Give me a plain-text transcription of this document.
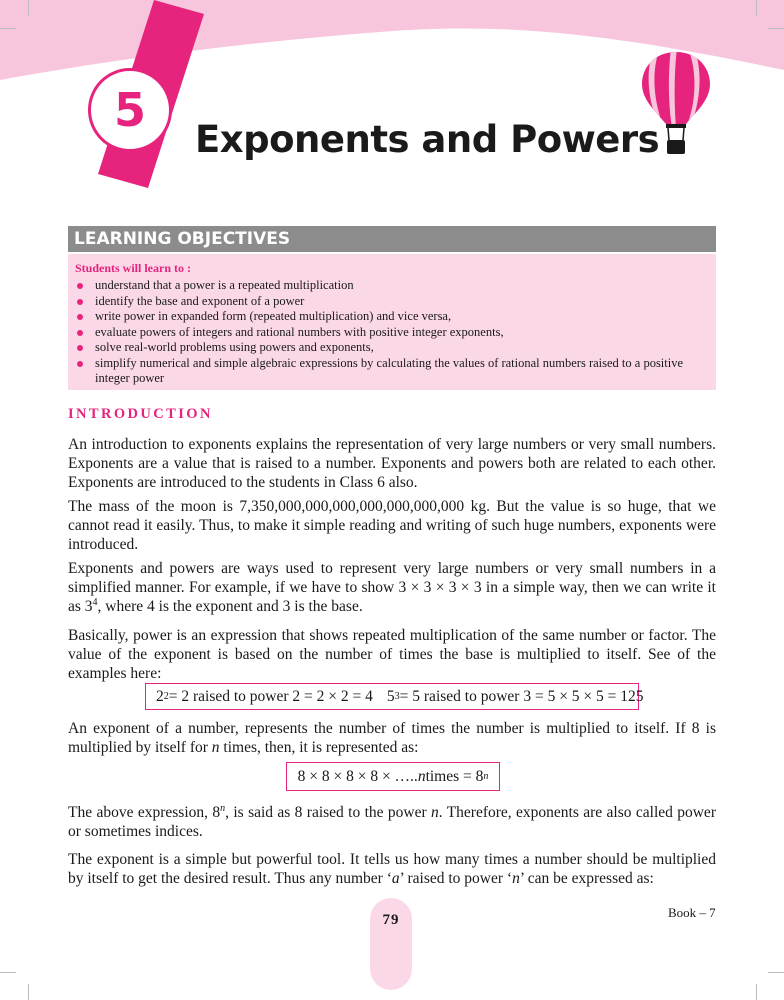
5
Exponents and Powers
LEARNING OBJECTIVES
Students will learn to :
understand that a power is a repeated multiplication
identify the base and exponent of a power
write power in expanded form (repeated multiplication) and vice versa,
evaluate powers of integers and rational numbers with positive integer exponents,
solve real-world problems using powers and exponents,
simplify numerical and simple algebraic expressions by calculating the values of rational numbers raised to a positive integer power
INTRODUCTION

An introduction to exponents explains the representation of very large numbers or very small numbers. Exponents are a value that is raised to a number. Exponents and powers both are related to each other. Exponents are introduced to the students in Class 6 also.

The mass of the moon is 7,350,000,000,000,000,000,000,000 kg. But the value is so huge, that we cannot read it easily. Thus, to make it simple reading and writing of such huge numbers, exponents were introduced.

Exponents and powers are ways used to represent very large numbers or very small numbers in a simplified manner. For example, if we have to show 3 × 3 × 3 × 3 in a simple way, then we can write it as $3^4$, where 4 is the exponent and 3 is the base.

Basically, power is an expression that shows repeated multiplication of the same number or factor. The value of the exponent is based on the number of times the base is multiplied to itself. See of the examples here:

2 2 = 2 raised to power 2 = 2 × 2 = 4 5 3 = 5 raised to power 3 = 5 × 5 × 5 = 125

An exponent of a number, represents the number of times the number is multiplied to itself. If 8 is multiplied by itself for n times, then, it is represented as:

8 × 8 × 8 × 8 × ….. n times = 8 n

The above expression, 8$^n$, is said as 8 raised to the power n. Therefore, exponents are also called power or sometimes indices.

The exponent is a simple but powerful tool. It tells us how many times a number should be multiplied by itself to get the desired result. Thus any number ‘a’ raised to power ‘n’ can be expressed as:

79	Book – 7
